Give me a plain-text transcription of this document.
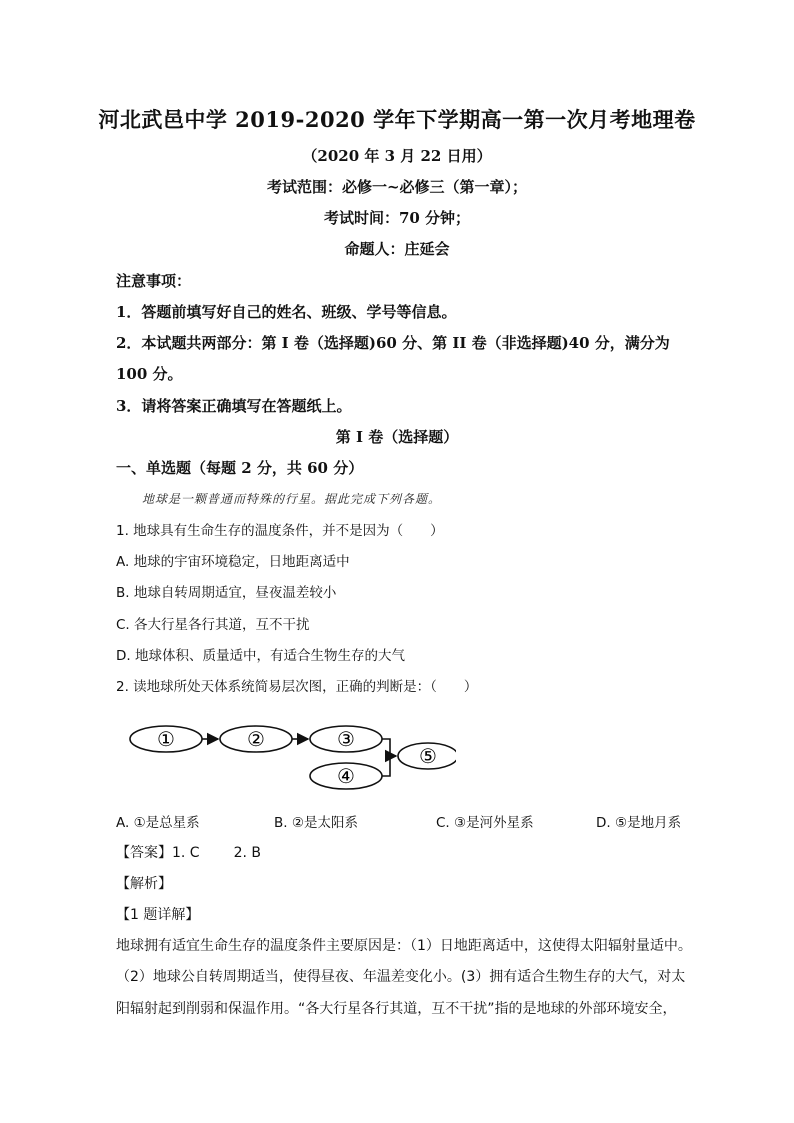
河北武邑中学 2019-2020 学年下学期高一第一次月考地理卷
（2020 年 3 月 22 日用）
考试范围：必修一~必修三（第一章）；
考试时间：70 分钟；
命题人：庄延会
注意事项：
1．答题前填写好自己的姓名、班级、学号等信息。
2．本试题共两部分：第 I 卷（选择题)60 分、第 II 卷（非选择题)40 分，满分为
100 分。
3．请将答案正确填写在答题纸上。
第 I 卷（选择题）
一、单选题（每题 2 分，共 60 分）
地球是一颗普通而特殊的行星。据此完成下列各题。
1. 地球具有生命生存的温度条件，并不是因为（　　）
A. 地球的宇宙环境稳定，日地距离适中
B. 地球自转周期适宜，昼夜温差较小
C. 各大行星各行其道，互不干扰
D. 地球体积、质量适中，有适合生物生存的大气
2. 读地球所处天体系统简易层次图，正确的判断是：（　　）
①	②	③
④
⑤
A. ①是总星系	B. ②是太阳系	C. ③是河外星系	D. ⑤是地月系
【答案】1. C 2. B
【解析】
【1 题详解】
地球拥有适宜生命生存的温度条件主要原因是：（1）日地距离适中，这使得太阳辐射量适中。
（2）地球公自转周期适当，使得昼夜、年温差变化小。(3）拥有适合生物生存的大气，对太
阳辐射起到削弱和保温作用。“各大行星各行其道，互不干扰”指的是地球的外部环境安全，
